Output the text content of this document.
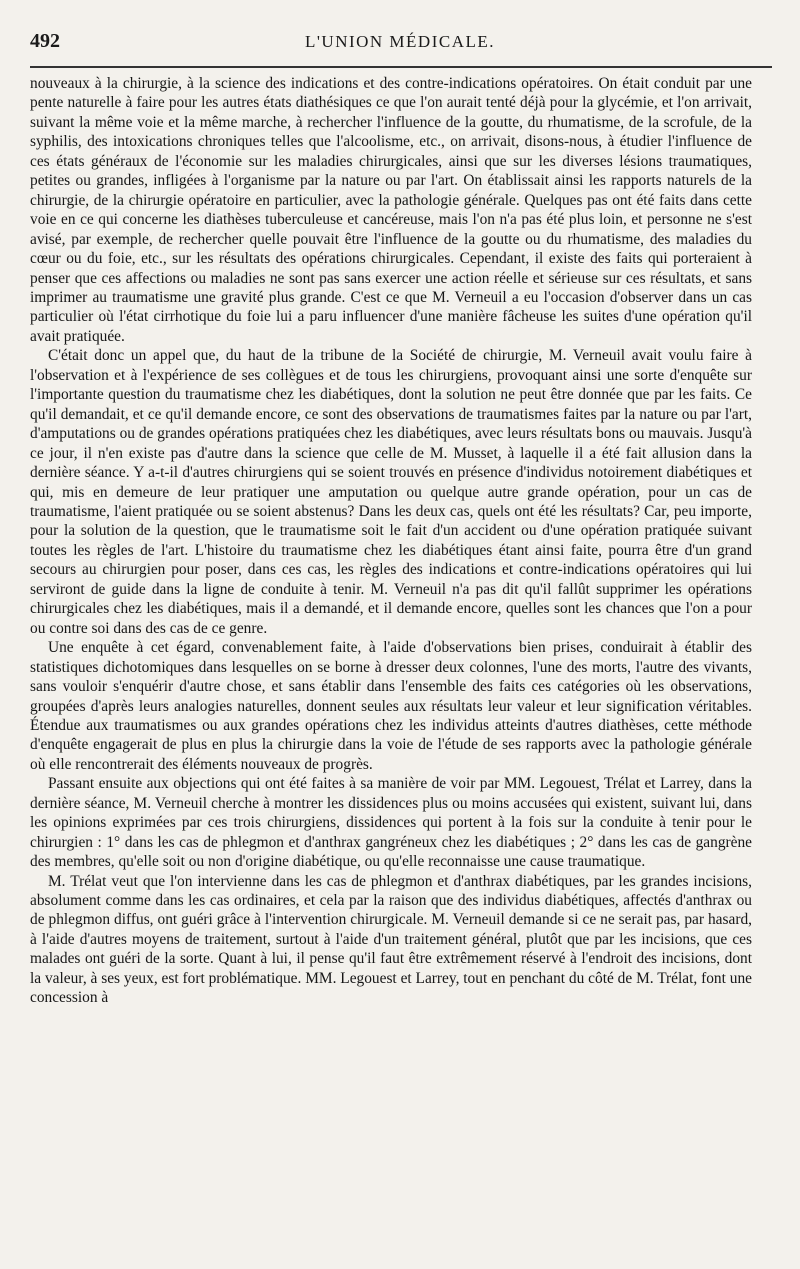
492	L'UNION MÉDICALE.

nouveaux à la chirurgie, à la science des indications et des contre-indications opératoires. On était conduit par une pente naturelle à faire pour les autres états diathésiques ce que l'on aurait tenté déjà pour la glycémie, et l'on arrivait, suivant la même voie et la même marche, à rechercher l'influence de la goutte, du rhumatisme, de la scrofule, de la syphilis, des intoxications chroniques telles que l'alcoolisme, etc., on arrivait, disons-nous, à étudier l'influence de ces états généraux de l'économie sur les maladies chirurgicales, ainsi que sur les diverses lésions traumatiques, petites ou grandes, infligées à l'organisme par la nature ou par l'art. On établissait ainsi les rapports naturels de la chirurgie, de la chirurgie opératoire en particulier, avec la pathologie générale. Quelques pas ont été faits dans cette voie en ce qui concerne les diathèses tuberculeuse et cancéreuse, mais l'on n'a pas été plus loin, et personne ne s'est avisé, par exemple, de rechercher quelle pouvait être l'influence de la goutte ou du rhumatisme, des maladies du cœur ou du foie, etc., sur les résultats des opérations chirurgicales. Cependant, il existe des faits qui porteraient à penser que ces affections ou maladies ne sont pas sans exercer une action réelle et sérieuse sur ces résultats, et sans imprimer au traumatisme une gravité plus grande. C'est ce que M. Verneuil a eu l'occasion d'observer dans un cas particulier où l'état cirrhotique du foie lui a paru influencer d'une manière fâcheuse les suites d'une opération qu'il avait pratiquée.

C'était donc un appel que, du haut de la tribune de la Société de chirurgie, M. Verneuil avait voulu faire à l'observation et à l'expérience de ses collègues et de tous les chirurgiens, provoquant ainsi une sorte d'enquête sur l'importante question du traumatisme chez les diabétiques, dont la solution ne peut être donnée que par les faits. Ce qu'il demandait, et ce qu'il demande encore, ce sont des observations de traumatismes faites par la nature ou par l'art, d'amputations ou de grandes opérations pratiquées chez les diabétiques, avec leurs résultats bons ou mauvais. Jusqu'à ce jour, il n'en existe pas d'autre dans la science que celle de M. Musset, à laquelle il a été fait allusion dans la dernière séance. Y a-t-il d'autres chirurgiens qui se soient trouvés en présence d'individus notoirement diabétiques et qui, mis en demeure de leur pratiquer une amputation ou quelque autre grande opération, pour un cas de traumatisme, l'aient pratiquée ou se soient abstenus? Dans les deux cas, quels ont été les résultats? Car, peu importe, pour la solution de la question, que le traumatisme soit le fait d'un accident ou d'une opération pratiquée suivant toutes les règles de l'art. L'histoire du traumatisme chez les diabétiques étant ainsi faite, pourra être d'un grand secours au chirurgien pour poser, dans ces cas, les règles des indications et contre-indications opératoires qui lui serviront de guide dans la ligne de conduite à tenir. M. Verneuil n'a pas dit qu'il fallût supprimer les opérations chirurgicales chez les diabétiques, mais il a demandé, et il demande encore, quelles sont les chances que l'on a pour ou contre soi dans des cas de ce genre.

Une enquête à cet égard, convenablement faite, à l'aide d'observations bien prises, conduirait à établir des statistiques dichotomiques dans lesquelles on se borne à dresser deux colonnes, l'une des morts, l'autre des vivants, sans vouloir s'enquérir d'autre chose, et sans établir dans l'ensemble des faits ces catégories où les observations, groupées d'après leurs analogies naturelles, donnent seules aux résultats leur valeur et leur signification véritables. Étendue aux traumatismes ou aux grandes opérations chez les individus atteints d'autres diathèses, cette méthode d'enquête engagerait de plus en plus la chirurgie dans la voie de l'étude de ses rapports avec la pathologie générale où elle rencontrerait des éléments nouveaux de progrès.

Passant ensuite aux objections qui ont été faites à sa manière de voir par MM. Legouest, Trélat et Larrey, dans la dernière séance, M. Verneuil cherche à montrer les dissidences plus ou moins accusées qui existent, suivant lui, dans les opinions exprimées par ces trois chirurgiens, dissidences qui portent à la fois sur la conduite à tenir pour le chirurgien : 1° dans les cas de phlegmon et d'anthrax gangréneux chez les diabétiques ; 2° dans les cas de gangrène des membres, qu'elle soit ou non d'origine diabétique, ou qu'elle reconnaisse une cause traumatique.

M. Trélat veut que l'on intervienne dans les cas de phlegmon et d'anthrax diabétiques, par les grandes incisions, absolument comme dans les cas ordinaires, et cela par la raison que des individus diabétiques, affectés d'anthrax ou de phlegmon diffus, ont guéri grâce à l'intervention chirurgicale. M. Verneuil demande si ce ne serait pas, par hasard, à l'aide d'autres moyens de traitement, surtout à l'aide d'un traitement général, plutôt que par les incisions, que ces malades ont guéri de la sorte. Quant à lui, il pense qu'il faut être extrêmement réservé à l'endroit des incisions, dont la valeur, à ses yeux, est fort problématique. MM. Legouest et Larrey, tout en penchant du côté de M. Trélat, font une concession à
